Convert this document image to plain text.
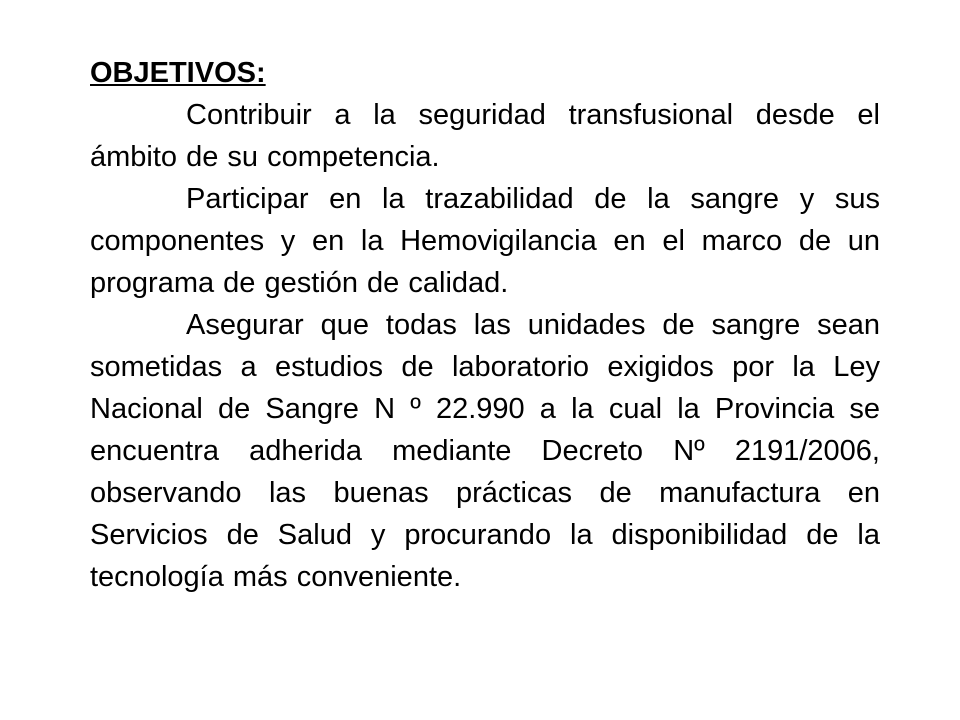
OBJETIVOS:

Contribuir a la seguridad transfusional desde el ámbito de su competencia.

Participar en la trazabilidad de la sangre y sus componentes y en la Hemovigilancia en el marco de un programa de gestión de calidad.

Asegurar que todas las unidades de sangre sean sometidas a estudios de laboratorio exigidos por la Ley Nacional de Sangre N º 22.990 a la cual la Provincia se encuentra adherida mediante Decreto Nº 2191/2006, observando las buenas prácticas de manufactura en Servicios de Salud y procurando la disponibilidad de la tecnología más conveniente.
